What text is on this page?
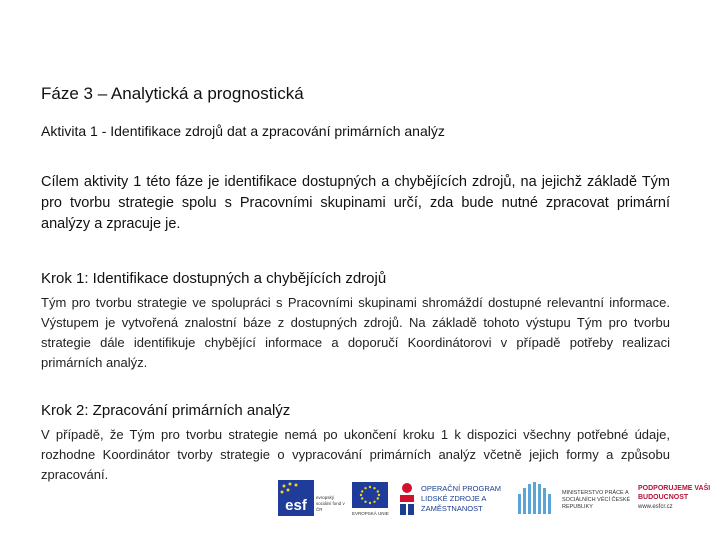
Fáze 3 – Analytická a prognostická
Aktivita 1 - Identifikace zdrojů dat a zpracování primárních analýz
Cílem aktivity 1 této fáze je identifikace dostupných a chybějících zdrojů, na jejichž základě Tým pro tvorbu strategie spolu s Pracovními skupinami určí, zda bude nutné zpracovat primární analýzy a zpracuje je.
Krok 1: Identifikace dostupných a chybějících zdrojů
Tým pro tvorbu strategie ve spolupráci s Pracovními skupinami shromáždí dostupné relevantní informace. Výstupem je vytvořená znalostní báze z dostupných zdrojů. Na základě tohoto výstupu Tým pro tvorbu strategie dále identifikuje chybějící informace a doporučí Koordinátorovi v případě potřeby realizaci primárních analýz.
Krok 2: Zpracování primárních analýz
V případě, že Tým pro tvorbu strategie nemá po ukončení kroku 1 k dispozici všechny potřebné údaje, rozhodne Koordinátor tvorby strategie o vypracování primárních analýz včetně jejich formy a způsobu zpracování.
esf evropský sociální fond v ČR
EVROPSKÁ UNIE
OPERAČNÍ PROGRAM LIDSKÉ ZDROJE A ZAMĚSTNANOST
MINISTERSTVO PRÁCE A SOCIÁLNÍCH VĚCÍ ČESKÉ REPUBLIKY
PODPORUJEME VAŠI BUDOUCNOST
www.esfcr.cz
